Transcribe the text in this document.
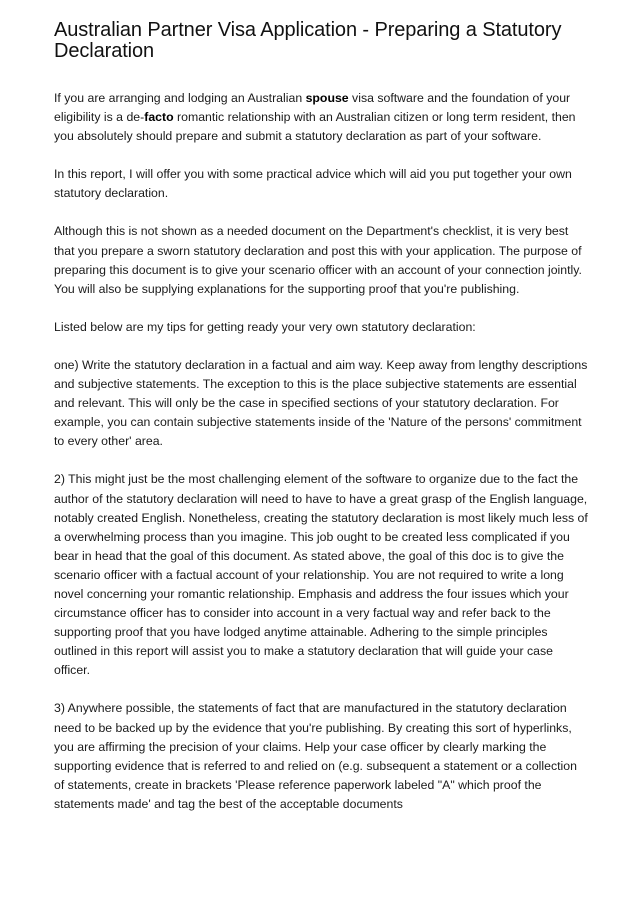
Australian Partner Visa Application - Preparing a Statutory Declaration

If you are arranging and lodging an Australian spouse visa software and the foundation of your eligibility is a de-facto romantic relationship with an Australian citizen or long term resident, then you absolutely should prepare and submit a statutory declaration as part of your software.

In this report, I will offer you with some practical advice which will aid you put together your own statutory declaration.

Although this is not shown as a needed document on the Department's checklist, it is very best that you prepare a sworn statutory declaration and post this with your application. The purpose of preparing this document is to give your scenario officer with an account of your connection jointly. You will also be supplying explanations for the supporting proof that you're publishing.

Listed below are my tips for getting ready your very own statutory declaration:

one) Write the statutory declaration in a factual and aim way. Keep away from lengthy descriptions and subjective statements. The exception to this is the place subjective statements are essential and relevant. This will only be the case in specified sections of your statutory declaration. For example, you can contain subjective statements inside of the 'Nature of the persons' commitment to every other' area.

2) This might just be the most challenging element of the software to organize due to the fact the author of the statutory declaration will need to have to have a great grasp of the English language, notably created English. Nonetheless, creating the statutory declaration is most likely much less of a overwhelming process than you imagine. This job ought to be created less complicated if you bear in head that the goal of this document. As stated above, the goal of this doc is to give the scenario officer with a factual account of your relationship. You are not required to write a long novel concerning your romantic relationship. Emphasis and address the four issues which your circumstance officer has to consider into account in a very factual way and refer back to the supporting proof that you have lodged anytime attainable. Adhering to the simple principles outlined in this report will assist you to make a statutory declaration that will guide your case officer.

3) Anywhere possible, the statements of fact that are manufactured in the statutory declaration need to be backed up by the evidence that you're publishing. By creating this sort of hyperlinks, you are affirming the precision of your claims. Help your case officer by clearly marking the supporting evidence that is referred to and relied on (e.g. subsequent a statement or a collection of statements, create in brackets 'Please reference paperwork labeled "A" which proof the statements made' and tag the best of the acceptable documents
